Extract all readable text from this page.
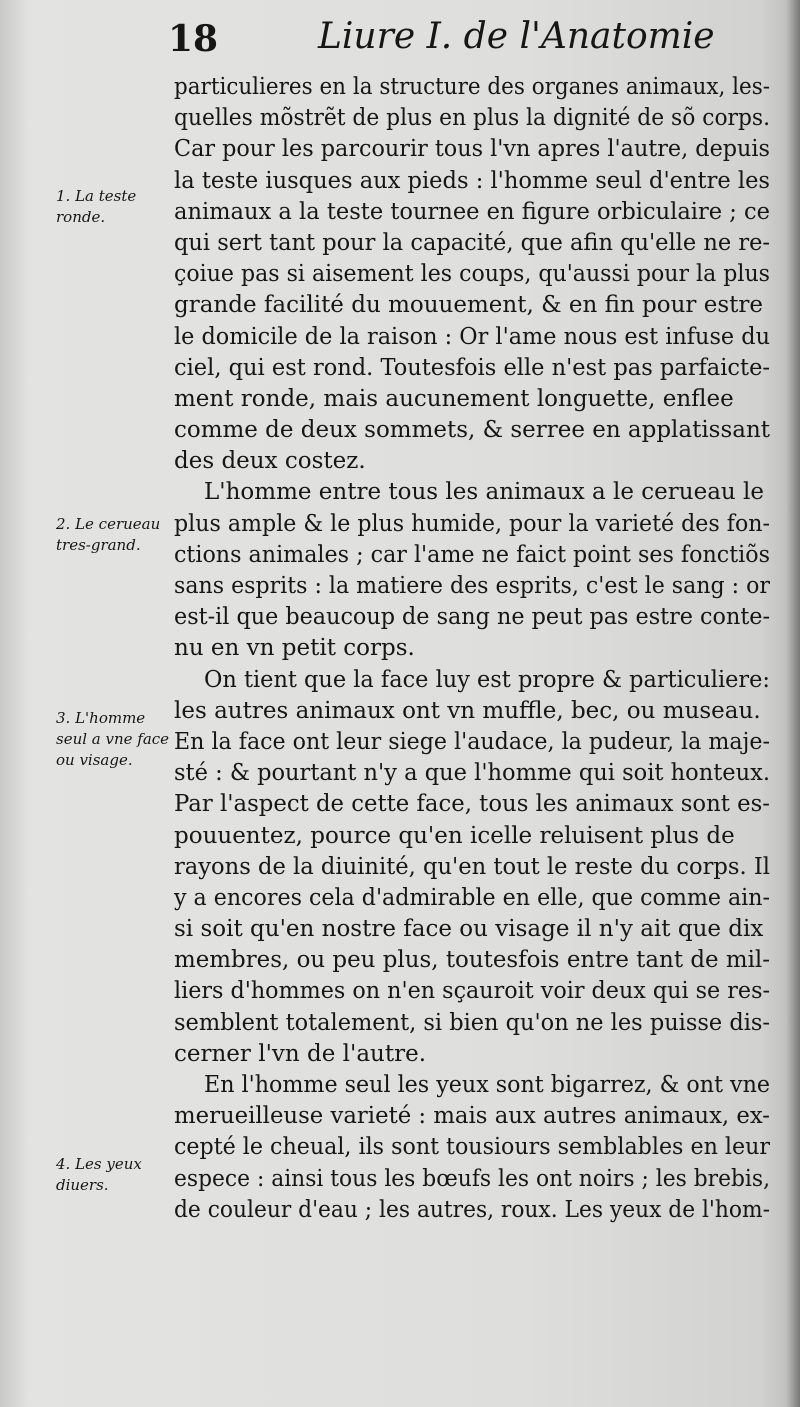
18	Liure I. de l'Anatomie
1. La teste ronde.
2. Le cerueau tres-grand.
3. L'homme seul a vne face ou visage.
4. Les yeux diuers.
particulieres en la structure des organes animaux, les-
quelles mõstrẽt de plus en plus la dignité de sõ corps.
Car pour les parcourir tous l'vn apres l'autre, depuis
la teste iusques aux pieds : l'homme seul d'entre les
animaux a la teste tournee en figure orbiculaire ; ce
qui sert tant pour la capacité, que afin qu'elle ne re-
çoiue pas si aisement les coups, qu'aussi pour la plus
grande facilité du mouuement, & en fin pour estre
le domicile de la raison : Or l'ame nous est infuse du
ciel, qui est rond. Toutesfois elle n'est pas parfaicte-
ment ronde, mais aucunement longuette, enflee
comme de deux sommets, & serree en applatissant
des deux costez.
L'homme entre tous les animaux a le cerueau le
plus ample & le plus humide, pour la varieté des fon-
ctions animales ; car l'ame ne faict point ses fonctiõs
sans esprits : la matiere des esprits, c'est le sang : or
est-il que beaucoup de sang ne peut pas estre conte-
nu en vn petit corps.
On tient que la face luy est propre & particuliere:
les autres animaux ont vn muffle, bec, ou museau.
En la face ont leur siege l'audace, la pudeur, la maje-
sté : & pourtant n'y a que l'homme qui soit honteux.
Par l'aspect de cette face, tous les animaux sont es-
pouuentez, pource qu'en icelle reluisent plus de
rayons de la diuinité, qu'en tout le reste du corps. Il
y a encores cela d'admirable en elle, que comme ain-
si soit qu'en nostre face ou visage il n'y ait que dix
membres, ou peu plus, toutesfois entre tant de mil-
liers d'hommes on n'en sçauroit voir deux qui se res-
semblent totalement, si bien qu'on ne les puisse dis-
cerner l'vn de l'autre.
En l'homme seul les yeux sont bigarrez, & ont vne
merueilleuse varieté : mais aux autres animaux, ex-
cepté le cheual, ils sont tousiours semblables en leur
espece : ainsi tous les bœufs les ont noirs ; les brebis,
de couleur d'eau ; les autres, roux. Les yeux de l'hom-
